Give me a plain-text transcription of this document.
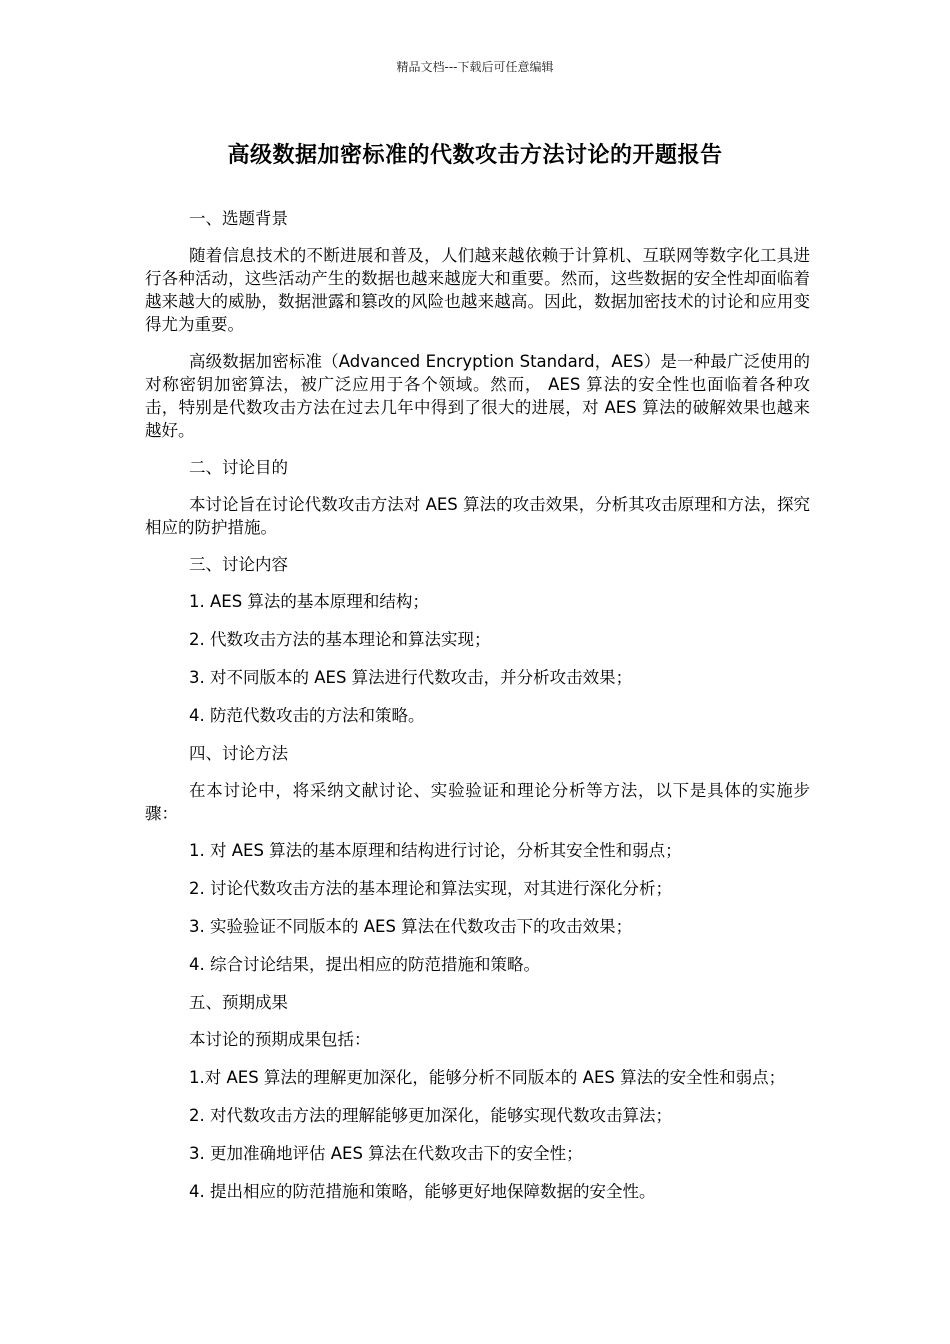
精品文档---下载后可任意编辑
高级数据加密标准的代数攻击方法讨论的开题报告

一、选题背景

随着信息技术的不断进展和普及，人们越来越依赖于计算机、互联网等数字化工具进行各种活动，这些活动产生的数据也越来越庞大和重要。然而，这些数据的安全性却面临着越来越大的威胁，数据泄露和篡改的风险也越来越高。因此，数据加密技术的讨论和应用变得尤为重要。

高级数据加密标准（Advanced Encryption Standard，AES）是一种最广泛使用的对称密钥加密算法，被广泛应用于各个领域。然而， AES 算法的安全性也面临着各种攻击，特别是代数攻击方法在过去几年中得到了很大的进展，对 AES 算法的破解效果也越来越好。

二、讨论目的

本讨论旨在讨论代数攻击方法对 AES 算法的攻击效果，分析其攻击原理和方法，探究相应的防护措施。

三、讨论内容

1. AES 算法的基本原理和结构；

2. 代数攻击方法的基本理论和算法实现；

3. 对不同版本的 AES 算法进行代数攻击，并分析攻击效果；

4. 防范代数攻击的方法和策略。

四、讨论方法

在本讨论中，将采纳文献讨论、实验验证和理论分析等方法，以下是具体的实施步骤：

1. 对 AES 算法的基本原理和结构进行讨论，分析其安全性和弱点；

2. 讨论代数攻击方法的基本理论和算法实现，对其进行深化分析；

3. 实验验证不同版本的 AES 算法在代数攻击下的攻击效果；

4. 综合讨论结果，提出相应的防范措施和策略。

五、预期成果

本讨论的预期成果包括：

1.对 AES 算法的理解更加深化，能够分析不同版本的 AES 算法的安全性和弱点；

2. 对代数攻击方法的理解能够更加深化，能够实现代数攻击算法；

3. 更加准确地评估 AES 算法在代数攻击下的安全性；

4. 提出相应的防范措施和策略，能够更好地保障数据的安全性。
